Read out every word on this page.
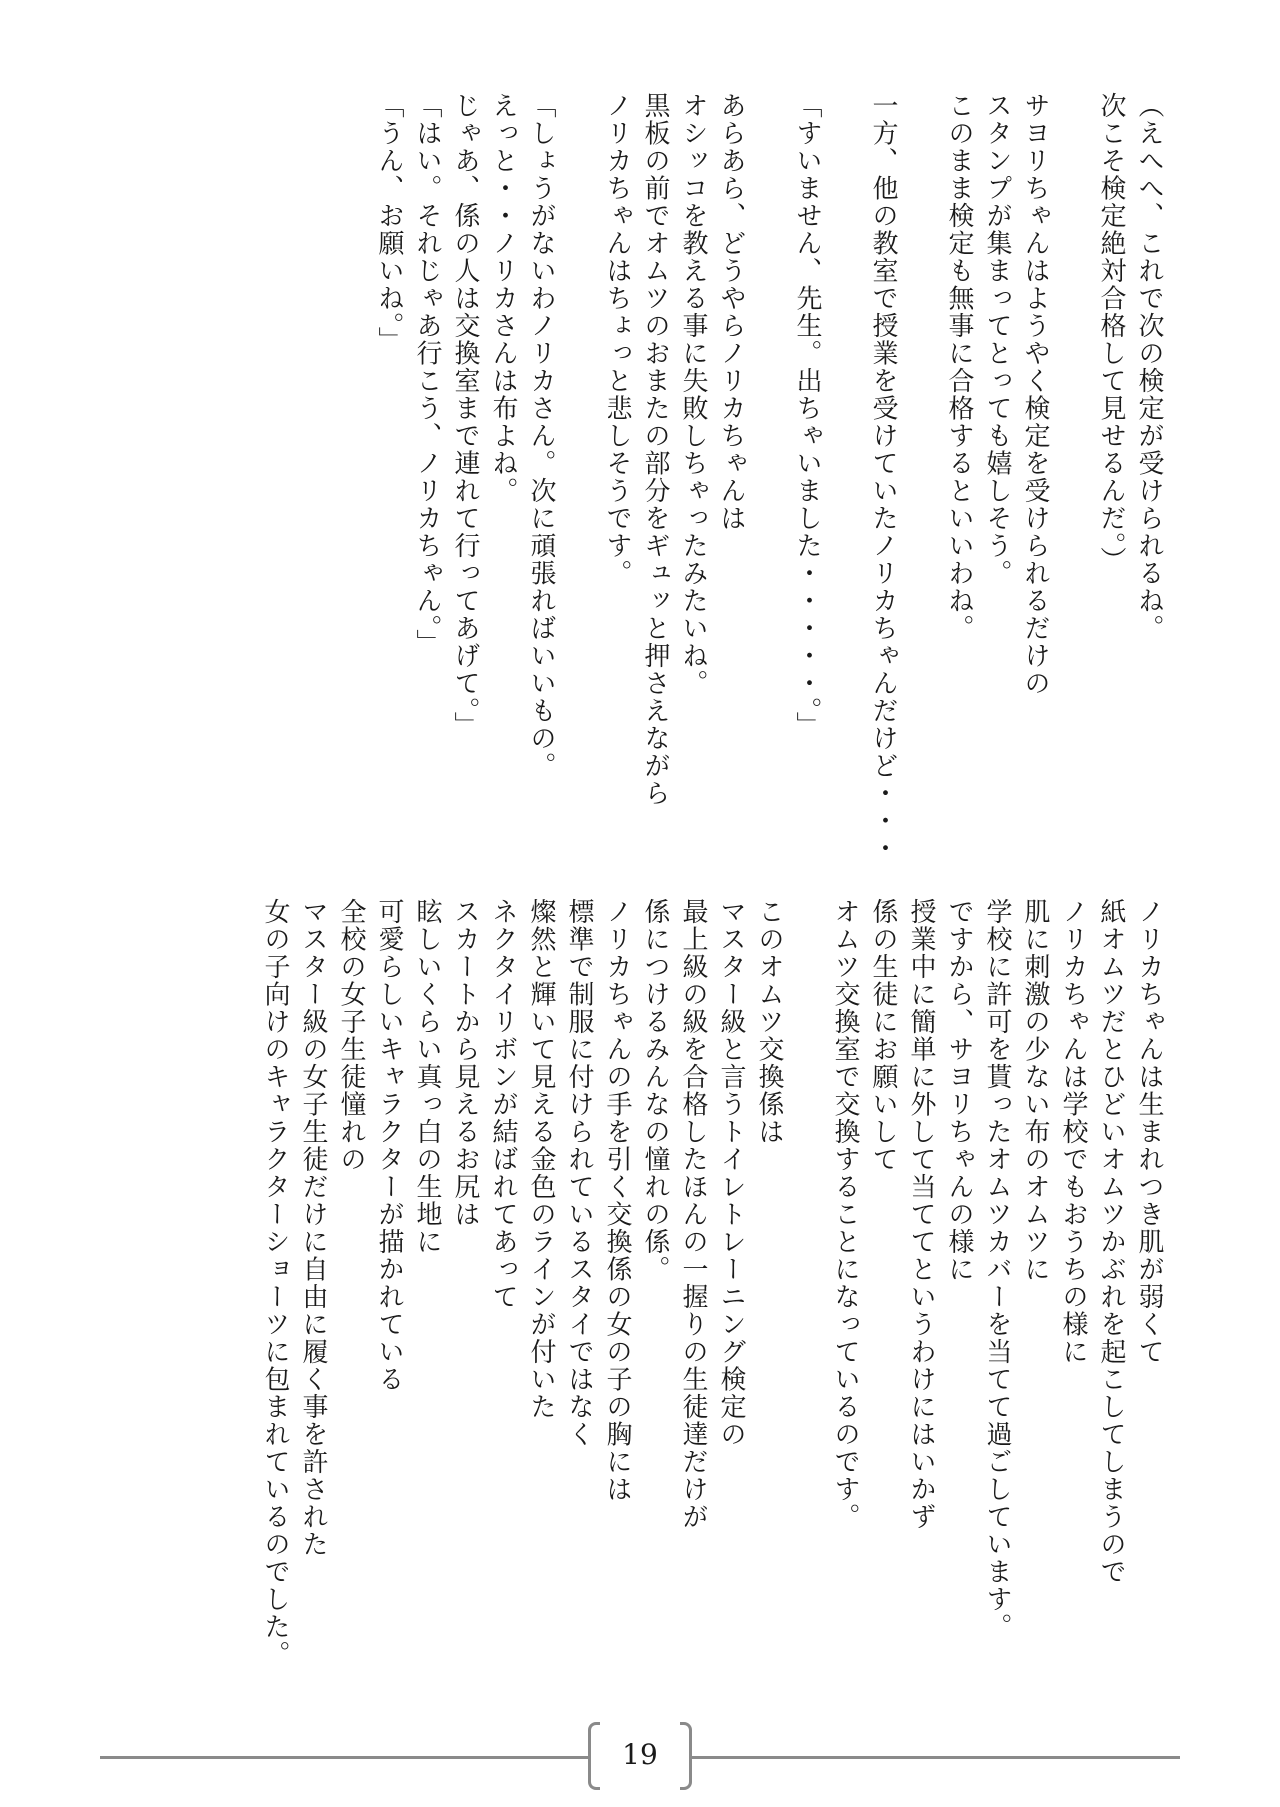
（えへへ、これで次の検定が受けられるね。
次こそ検定絶対合格して見せるんだ。）
サヨリちゃんはようやく検定を受けられるだけの
スタンプが集まってとっても嬉しそう。
このまま検定も無事に合格するといいわね。
一方、他の教室で授業を受けていたノリカちゃんだけど・・・
「すいません、先生。出ちゃいました・・・・・。」
あらあら、どうやらノリカちゃんは
オシッコを教える事に失敗しちゃったみたいね。
黒板の前でオムツのおまたの部分をギュッと押さえながら
ノリカちゃんはちょっと悲しそうです。
「しょうがないわノリカさん。次に頑張ればいいもの。
えっと・・ノリカさんは布よね。
じゃあ、係の人は交換室まで連れて行ってあげて。」
「はい。それじゃあ行こう、ノリカちゃん。」
「うん、お願いね。」
ノリカちゃんは生まれつき肌が弱くて
紙オムツだとひどいオムツかぶれを起こしてしまうので
ノリカちゃんは学校でもおうちの様に
肌に刺激の少ない布のオムツに
学校に許可を貰ったオムツカバーを当てて過ごしています。
ですから、サヨリちゃんの様に
授業中に簡単に外して当ててというわけにはいかず
係の生徒にお願いして
オムツ交換室で交換することになっているのです。
このオムツ交換係は
マスター級と言うトイレトレーニング検定の
最上級の級を合格したほんの一握りの生徒達だけが
係につけるみんなの憧れの係。
ノリカちゃんの手を引く交換係の女の子の胸には
標準で制服に付けられているスタイではなく
燦然と輝いて見える金色のラインが付いた
ネクタイリボンが結ばれてあって
スカートから見えるお尻は
眩しいくらい真っ白の生地に
可愛らしいキャラクターが描かれている
全校の女子生徒憧れの
マスター級の女子生徒だけに自由に履く事を許された
女の子向けのキャラクターショーツに包まれているのでした。
19
